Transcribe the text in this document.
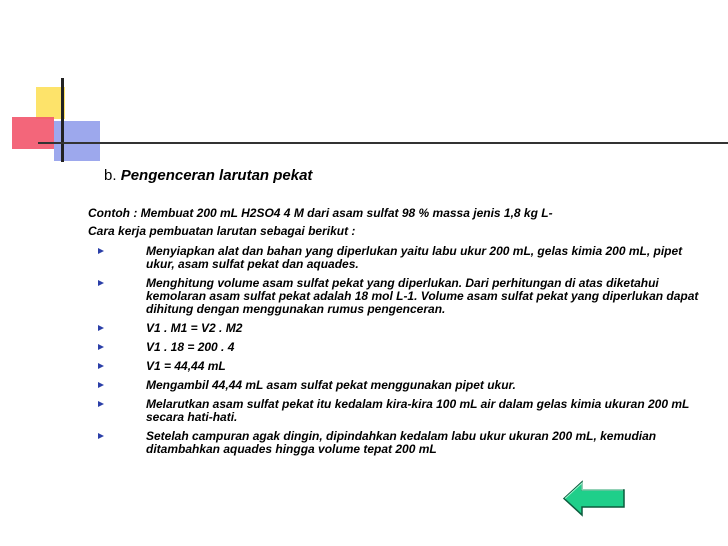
b. Pengenceran larutan pekat
Contoh : Membuat 200 mL H2SO4 4 M dari asam sulfat 98 % massa jenis 1,8 kg L-
Cara kerja pembuatan larutan sebagai berikut :
Menyiapkan alat dan bahan yang diperlukan yaitu labu ukur 200 mL, gelas kimia 200 mL, pipet ukur, asam sulfat pekat dan aquades.
Menghitung volume asam sulfat pekat yang diperlukan. Dari perhitungan di atas diketahui kemolaran asam sulfat pekat adalah 18 mol L-1. Volume asam sulfat pekat yang diperlukan dapat dihitung dengan menggunakan rumus pengenceran.
V1 . M1 = V2 . M2
V1 . 18 = 200 . 4
V1 = 44,44 mL
Mengambil 44,44 mL asam sulfat pekat menggunakan pipet ukur.
Melarutkan asam sulfat pekat itu kedalam kira-kira 100 mL air dalam gelas kimia ukuran 200 mL secara hati-hati.
Setelah campuran agak dingin, dipindahkan kedalam labu ukur ukuran 200 mL, kemudian ditambahkan aquades hingga volume tepat 200 mL
